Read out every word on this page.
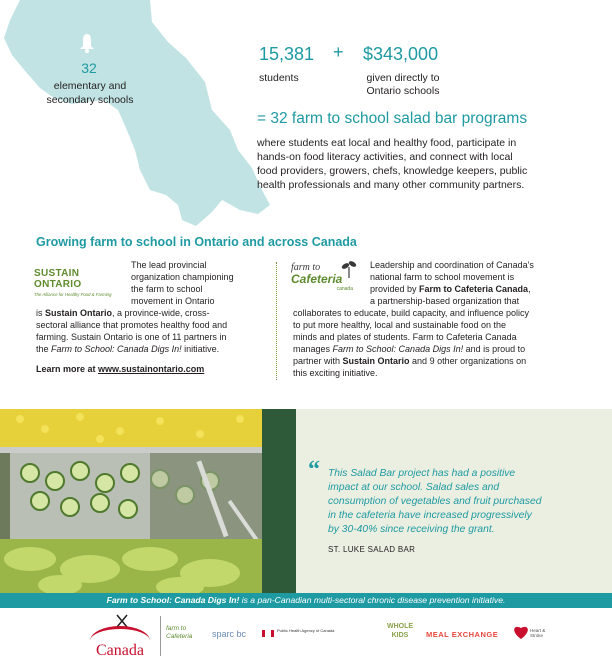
32
elementary and secondary schools
15,381
students
+ $343,000
given directly to
Ontario schools
= 32 farm to school salad bar programs
where students eat local and healthy food, participate in
hands-on food literacy activities, and connect with local
food providers, growers, chefs, knowledge keepers, public
health professionals and many other community partners.
Growing farm to school in Ontario and across Canada
SUSTAIN ONTARIO
The Alliance for Healthy Food & Farming
The lead provincial
organization championing
the farm to school
movement in Ontario
is Sustain Ontario, a province-wide, cross-
sectoral alliance that promotes healthy food and
farming. Sustain Ontario is one of 11 partners in
the Farm to School: Canada Digs In! initiative.
Learn more at www.sustainontario.com
farm to
Cafeteria
canada
Leadership and coordination of Canada's
national farm to school movement is
provided by Farm to Cafeteria Canada,
a partnership-based organization that
collaborates to educate, build capacity, and influence policy
to put more healthy, local and sustainable food on the
minds and plates of students. Farm to Cafeteria Canada
manages Farm to School: Canada Digs In! and is proud to
partner with Sustain Ontario and 9 other organizations on
this exciting initiative.
“ This Salad Bar project has had a positive
impact at our school. Salad sales and
consumption of vegetables and fruit purchased
in the cafeteria have increased progressively
by 30-40% since receiving the grant.
ST. LUKE SALAD BAR
Farm to School: Canada Digs In! is a pan-Canadian multi-sectoral chronic disease prevention initiative.
Canada
farm to Cafeteria	sparc bc	Public Health Agency of Canada
WHOLE KIDS	MEAL EXCHANGE	Heart & Stroke
